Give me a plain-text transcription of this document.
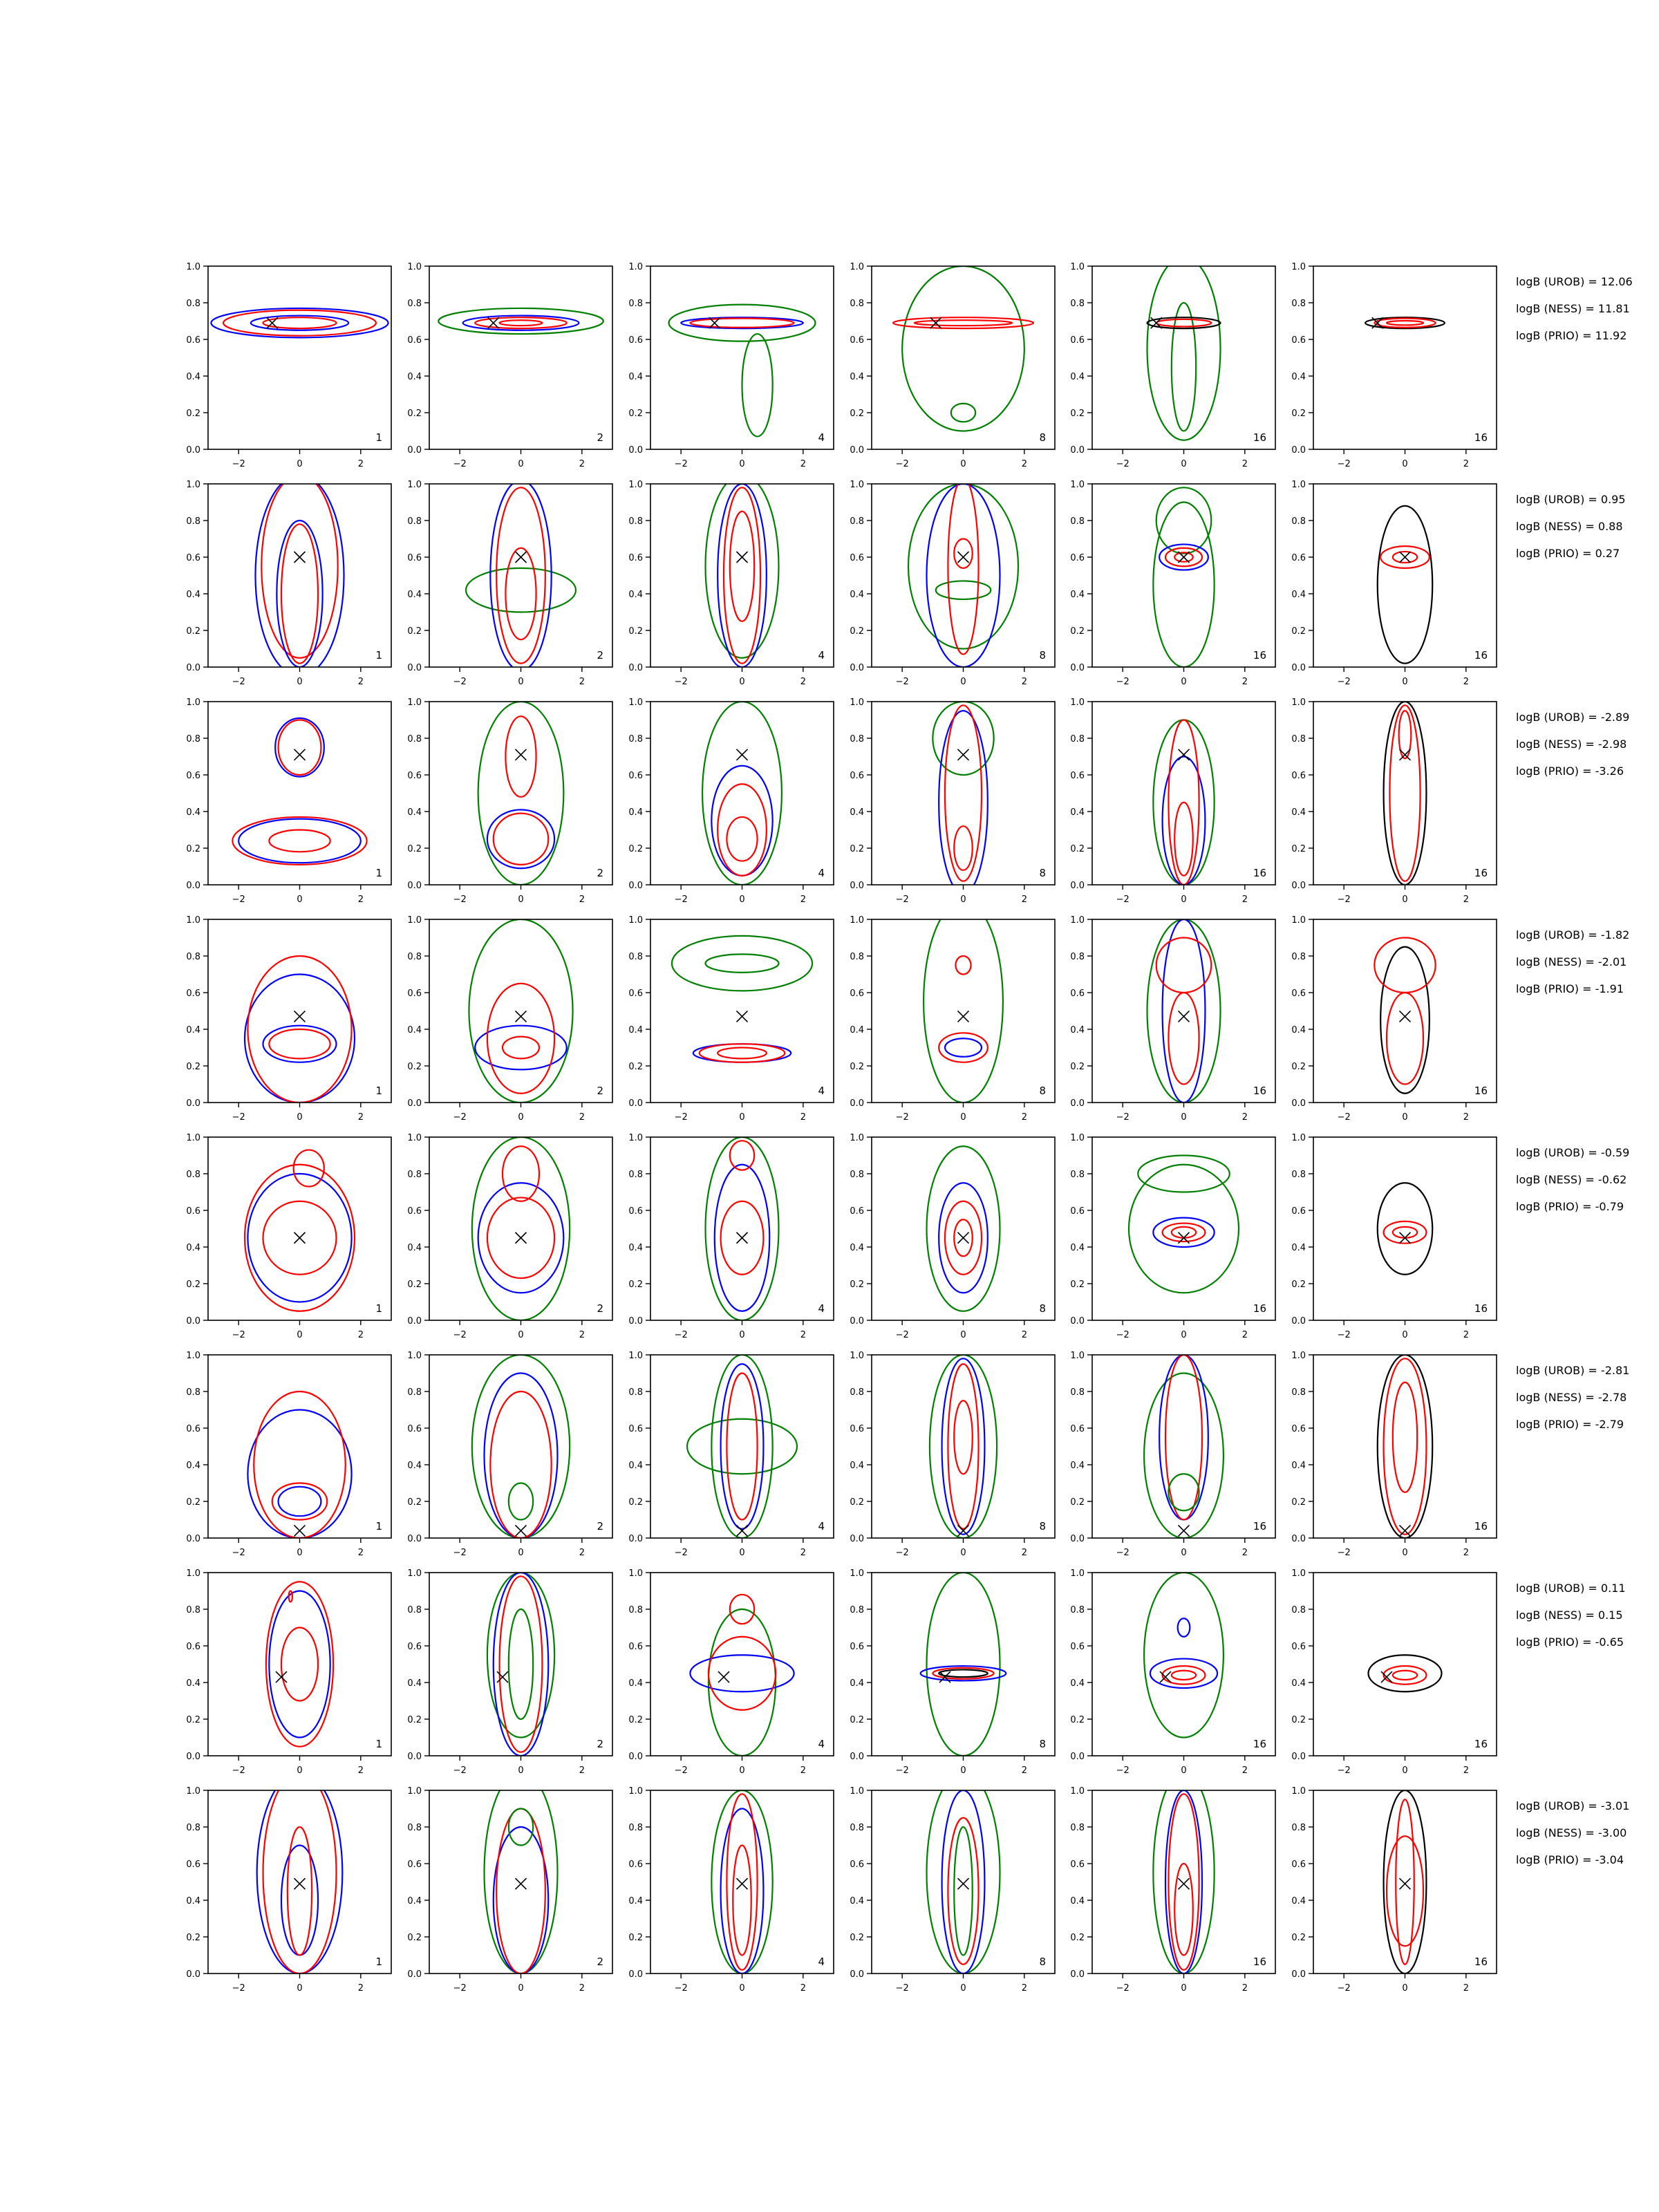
−2	0	2
0.0
0.2
0.4
0.6
0.8
1.0
1
−2	0	2
0.0
0.2
0.4
0.6
0.8
1.0
2
−2	0	2
0.0
0.2
0.4
0.6
0.8
1.0
4
−2	0	2
0.0
0.2
0.4
0.6
0.8
1.0
8
−2	0	2
0.0
0.2
0.4
0.6
0.8
1.0
16
−2	0	2
0.0
0.2
0.4
0.6
0.8
1.0
16
logB (UROB) = 12.06
logB (NESS) = 11.81
logB (PRIO) = 11.92
−2	0	2
0.0
0.2
0.4
0.6
0.8
1.0
1
−2	0	2
0.0
0.2
0.4
0.6
0.8
1.0
2
−2	0	2
0.0
0.2
0.4
0.6
0.8
1.0
4
−2	0	2
0.0
0.2
0.4
0.6
0.8
1.0
8
−2	0	2
0.0
0.2
0.4
0.6
0.8
1.0
16
−2	0	2
0.0
0.2
0.4
0.6
0.8
1.0
16
logB (UROB) = 0.95
logB (NESS) = 0.88
logB (PRIO) = 0.27
−2	0	2
0.0
0.2
0.4
0.6
0.8
1.0
1
−2	0	2
0.0
0.2
0.4
0.6
0.8
1.0
2
−2	0	2
0.0
0.2
0.4
0.6
0.8
1.0
4
−2	0	2
0.0
0.2
0.4
0.6
0.8
1.0
8
−2	0	2
0.0
0.2
0.4
0.6
0.8
1.0
16
−2	0	2
0.0
0.2
0.4
0.6
0.8
1.0
16
logB (UROB) = -2.89
logB (NESS) = -2.98
logB (PRIO) = -3.26
−2	0	2
0.0
0.2
0.4
0.6
0.8
1.0
1
−2	0	2
0.0
0.2
0.4
0.6
0.8
1.0
2
−2	0	2
0.0
0.2
0.4
0.6
0.8
1.0
4
−2	0	2
0.0
0.2
0.4
0.6
0.8
1.0
8
−2	0	2
0.0
0.2
0.4
0.6
0.8
1.0
16
−2	0	2
0.0
0.2
0.4
0.6
0.8
1.0
16
logB (UROB) = -1.82
logB (NESS) = -2.01
logB (PRIO) = -1.91
−2	0	2
0.0
0.2
0.4
0.6
0.8
1.0
1
−2	0	2
0.0
0.2
0.4
0.6
0.8
1.0
2
−2	0	2
0.0
0.2
0.4
0.6
0.8
1.0
4
−2	0	2
0.0
0.2
0.4
0.6
0.8
1.0
8
−2	0	2
0.0
0.2
0.4
0.6
0.8
1.0
16
−2	0	2
0.0
0.2
0.4
0.6
0.8
1.0
16
logB (UROB) = -0.59
logB (NESS) = -0.62
logB (PRIO) = -0.79
−2	0	2
0.0
0.2
0.4
0.6
0.8
1.0
1
−2	0	2
0.0
0.2
0.4
0.6
0.8
1.0
2
−2	0	2
0.0
0.2
0.4
0.6
0.8
1.0
4
−2	0	2
0.0
0.2
0.4
0.6
0.8
1.0
8
−2	0	2
0.0
0.2
0.4
0.6
0.8
1.0
16
−2	0	2
0.0
0.2
0.4
0.6
0.8
1.0
16
logB (UROB) = -2.81
logB (NESS) = -2.78
logB (PRIO) = -2.79
−2	0	2
0.0
0.2
0.4
0.6
0.8
1.0
1
−2	0	2
0.0
0.2
0.4
0.6
0.8
1.0
2
−2	0	2
0.0
0.2
0.4
0.6
0.8
1.0
4
−2	0	2
0.0
0.2
0.4
0.6
0.8
1.0
8
−2	0	2
0.0
0.2
0.4
0.6
0.8
1.0
16
−2	0	2
0.0
0.2
0.4
0.6
0.8
1.0
16
logB (UROB) = 0.11
logB (NESS) = 0.15
logB (PRIO) = -0.65
−2	0	2
0.0
0.2
0.4
0.6
0.8
1.0
1
−2	0	2
0.0
0.2
0.4
0.6
0.8
1.0
2
−2	0	2
0.0
0.2
0.4
0.6
0.8
1.0
4
−2	0	2
0.0
0.2
0.4
0.6
0.8
1.0
8
−2	0	2
0.0
0.2
0.4
0.6
0.8
1.0
16
−2	0	2
0.0
0.2
0.4
0.6
0.8
1.0
16
logB (UROB) = -3.01
logB (NESS) = -3.00
logB (PRIO) = -3.04
